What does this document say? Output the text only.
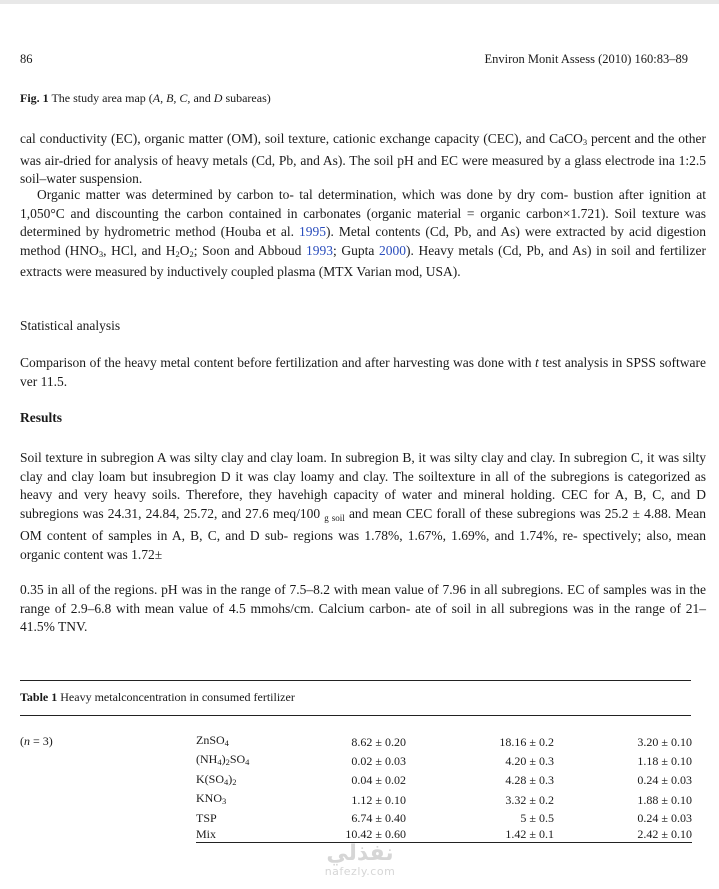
86	Environ Monit Assess (2010) 160:83–89
Fig. 1 The study area map (A, B, C, and D subareas)
cal conductivity (EC), organic matter (OM), soil texture, cationic exchange capacity (CEC), and CaCO$_3$ percent and the other was air-dried for analysis of heavy metals (Cd, Pb, and As). The soil pH and EC were measured by a glass electrode ina 1:2.5 soil–water suspension.
Organic matter was determined by carbon to- tal determination, which was done by dry com- bustion after ignition at 1,050°C and discounting the carbon contained in carbonates (organic material = organic carbon×1.721). Soil texture was determined by hydrometric method (Houba et al. 1995). Metal contents (Cd, Pb, and As) were extracted by acid digestion method ($HNO_3$, HCl, and $H_2O_2$; Soon and Abboud 1993; Gupta 2000). Heavy metals (Cd, Pb, and As) in soil and fertilizer extracts were measured by inductively coupled plasma (MTX Varian mod, USA).
Statistical analysis
Comparison of the heavy metal content before fertilization and after harvesting was done with t test analysis in SPSS software ver 11.5.
Results
Soil texture in subregion A was silty clay and clay loam. In subregion B, it was silty clay and clay. In subregion C, it was silty clay and clay loam but insubregion D it was clay loamy and clay. The soiltexture in all of the subregions is categorized as heavy and very heavy soils. Therefore, they havehigh capacity of water and mineral holding. CEC for A, B, C, and D subregions was 24.31, 24.84, 25.72, and 27.6 meq/100 $_{g soil}$ and mean CEC forall of these subregions was 25.2 ± 4.88. Mean OM content of samples in A, B, C, and D sub- regions was 1.78%, 1.67%, 1.69%, and 1.74%, re- spectively; also, mean organic content was 1.72±
0.35 in all of the regions. pH was in the range of 7.5–8.2 with mean value of 7.96 in all subregions. EC of samples was in the range of 2.9–6.8 with mean value of 4.5 mmohs/cm. Calcium carbon- ate of soil in all subregions was in the range of 21–41.5% TNV.
Table 1 Heavy metalconcentration in consumed fertilizer
(n = 3)	ZnSO$_4$	8.62 ± 0.20	18.16 ± 0.2	3.20 ± 0.10
$(NH_4)_2SO_4$	0.02 ± 0.03	4.20 ± 0.3	1.18 ± 0.10
$K(SO_4)_2$	0.04 ± 0.02	4.28 ± 0.3	0.24 ± 0.03
$KNO_3$	1.12 ± 0.10	3.32 ± 0.2	1.88 ± 0.10
TSP	6.74 ± 0.40	5 ± 0.5	0.24 ± 0.03
Mix	10.42 ± 0.60	1.42 ± 0.1	2.42 ± 0.10
نفذلي
nafezly.com
